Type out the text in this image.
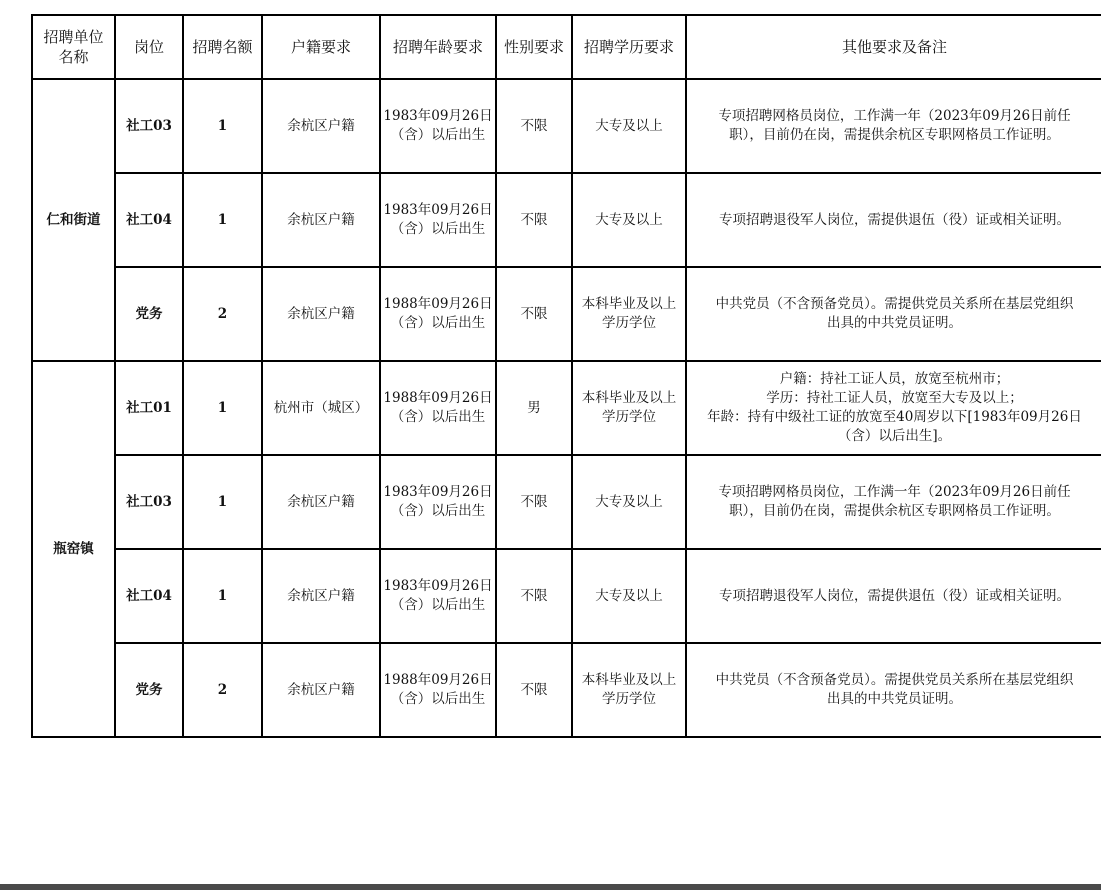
招聘单位
名称	岗位	招聘名额	户籍要求	招聘年龄要求	性别要求	招聘学历要求	其他要求及备注
仁和街道	社工03	1	余杭区户籍	1983年09月26日
（含）以后出生	不限	大专及以上	专项招聘网格员岗位，工作满一年（2023年09月26日前任
职），目前仍在岗，需提供余杭区专职网格员工作证明。

	社工04	1	余杭区户籍	1983年09月26日
（含）以后出生	不限	大专及以上	专项招聘退役军人岗位，需提供退伍（役）证或相关证明。

	党务	2	余杭区户籍	1988年09月26日
（含）以后出生	不限	本科毕业及以上
学历学位	中共党员（不含预备党员）。需提供党员关系所在基层党组织
出具的中共党员证明。

瓶窑镇	社工01	1	杭州市（城区）	1988年09月26日
（含）以后出生	男	本科毕业及以上
学历学位	户籍：持社工证人员，放宽至杭州市；
学历：持社工证人员，放宽至大专及以上；
年龄：持有中级社工证的放宽至40周岁以下[1983年09月26日
（含）以后出生]。

	社工03	1	余杭区户籍	1983年09月26日
（含）以后出生	不限	大专及以上	专项招聘网格员岗位，工作满一年（2023年09月26日前任
职），目前仍在岗，需提供余杭区专职网格员工作证明。

	社工04	1	余杭区户籍	1983年09月26日
（含）以后出生	不限	大专及以上	专项招聘退役军人岗位，需提供退伍（役）证或相关证明。

	党务	2	余杭区户籍	1988年09月26日
（含）以后出生	不限	本科毕业及以上
学历学位	中共党员（不含预备党员）。需提供党员关系所在基层党组织
出具的中共党员证明。
